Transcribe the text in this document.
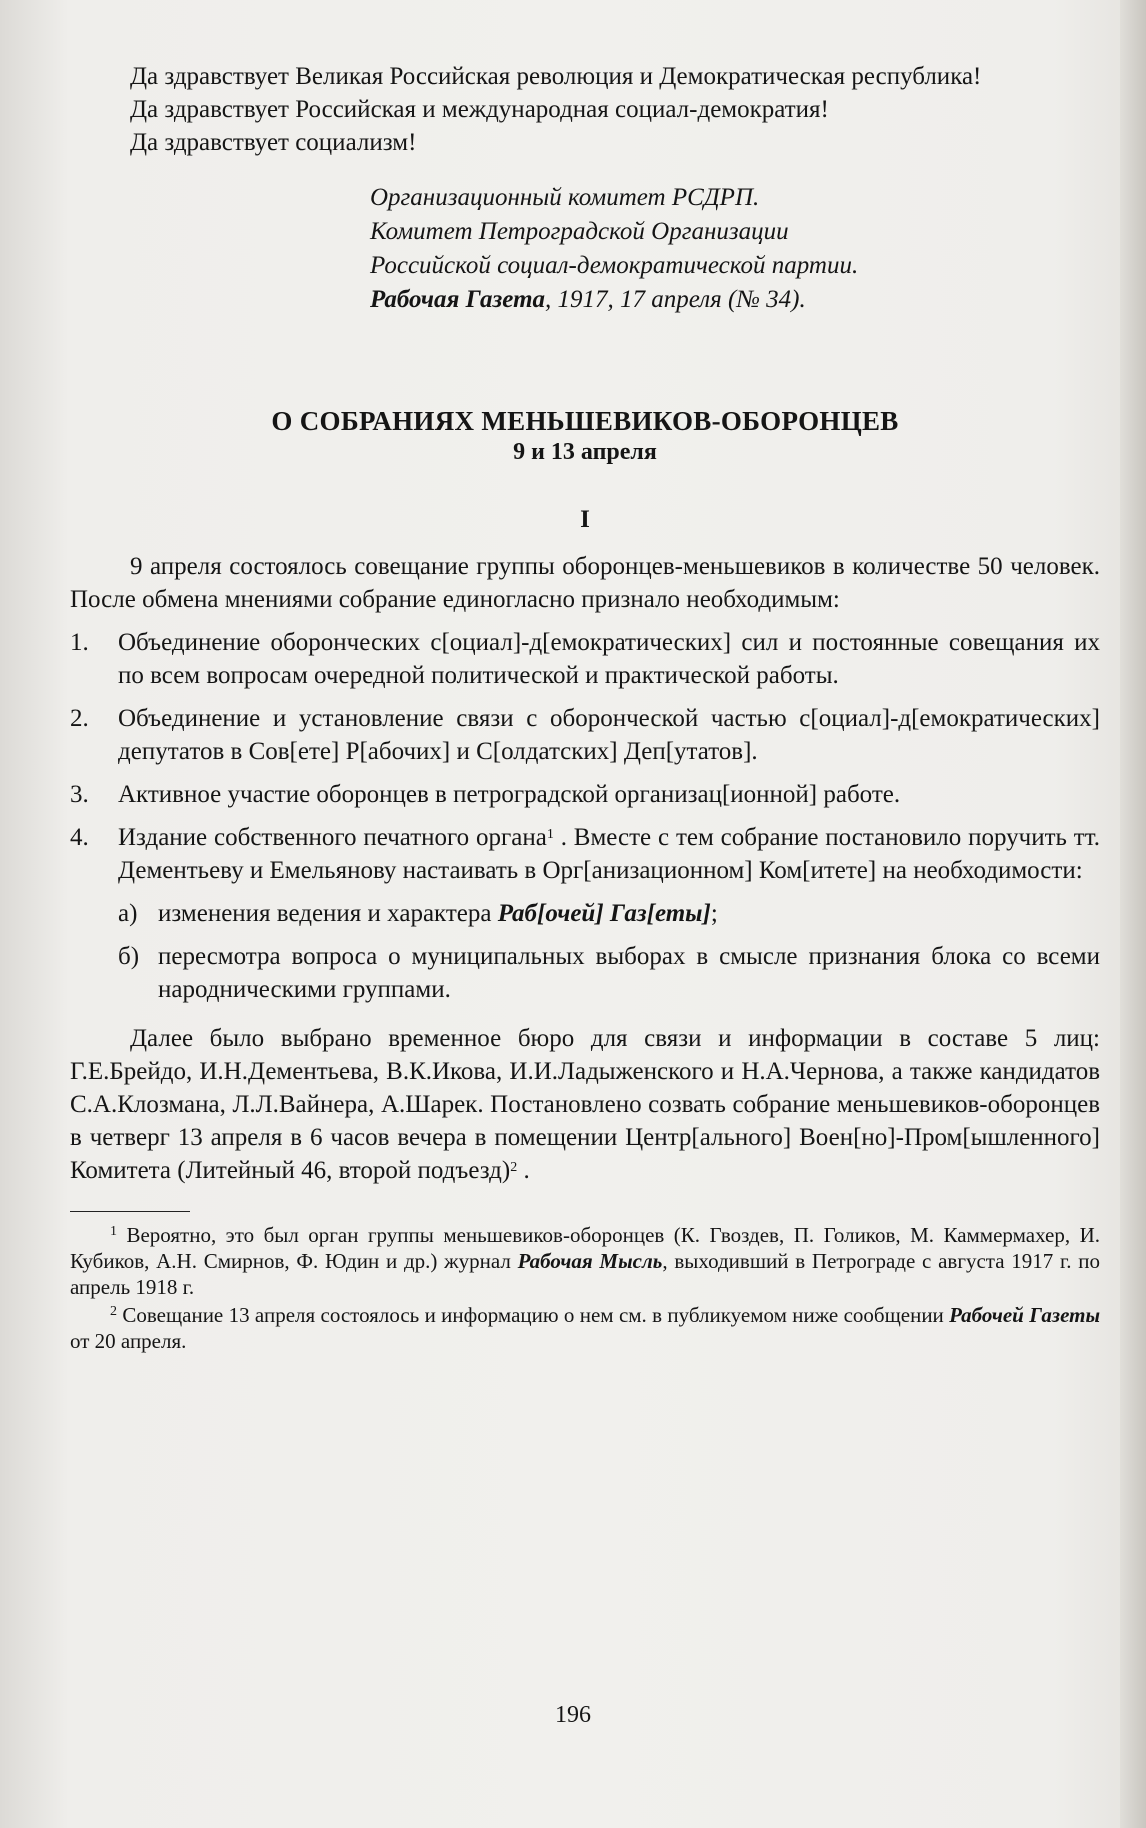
Да здравствует Великая Российская революция и Демократическая республика!

Да здравствует Российская и международная социал-демократия!

Да здравствует социализм!

Организационный комитет РСДРП.
Комитет Петроградской Организации
Российской социал-демократической партии.
Рабочая Газета, 1917, 17 апреля (№ 34).
О СОБРАНИЯХ МЕНЬШЕВИКОВ-ОБОРОНЦЕВ

9 и 13 апреля

I

9 апреля состоялось совещание группы оборонцев-меньшевиков в количестве 50 человек. После обмена мнениями собрание единогласно признало необходимым:

1.	Объединение оборонческих с[оциал]-д[емократических] сил и постоянные совещания их по всем вопросам очередной политической и практической работы.
2.	Объединение и установление связи с оборонческой частью с[оциал]-д[емократических] депутатов в Сов[ете] Р[абочих] и С[олдатских] Деп[утатов].
3.	Активное участие оборонцев в петроградской организац[ионной] работе.
4.	Издание собственного печатного органа$^1$ . Вместе с тем собрание постановило поручить тт. Дементьеву и Емельянову настаивать в Орг[анизационном] Ком[итете] на необходимости:
а) изменения ведения и характера Раб[очей] Газ[еты];
б) пересмотра вопроса о муниципальных выборах в смысле признания блока со всеми народническими группами.

Далее было выбрано временное бюро для связи и информации в составе 5 лиц: Г.Е.Брейдо, И.Н.Дементьева, В.К.Икова, И.И.Ладыженского и Н.А.Чернова, а также кандидатов С.А.Клозмана, Л.Л.Вайнера, А.Шарек. Постановлено созвать собрание меньшевиков-оборонцев в четверг 13 апреля в 6 часов вечера в помещении Центр[ального] Воен[но]-Пром[ышленного] Комитета (Литейный 46, второй подъезд)$^2$ .

$^1$ Вероятно, это был орган группы меньшевиков-оборонцев (К. Гвоздев, П. Голиков, М. Каммермахер, И. Кубиков, А.Н. Смирнов, Ф. Юдин и др.) журнал Рабочая Мысль, выходивший в Петрограде с августа 1917 г. по апрель 1918 г.

$^2$ Совещание 13 апреля состоялось и информацию о нем см. в публикуемом ниже сообщении Рабочей Газеты от 20 апреля.

196
